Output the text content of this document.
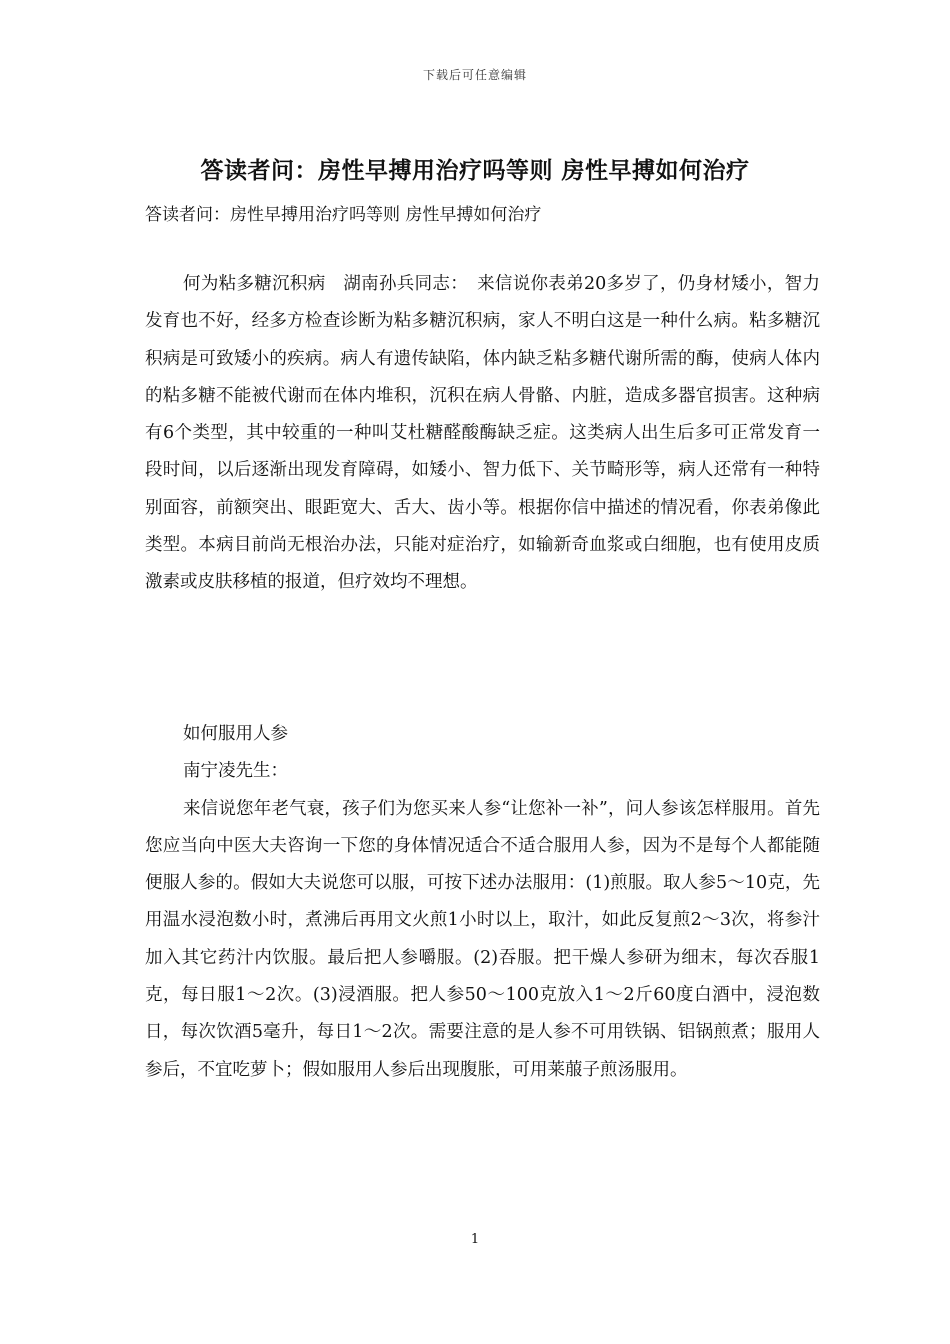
下载后可任意编辑
答读者问：房性早搏用治疗吗等则 房性早搏如何治疗
答读者问：房性早搏用治疗吗等则 房性早搏如何治疗

何为粘多糖沉积病　湖南孙兵同志：　来信说你表弟20多岁了，仍身材矮小，智力发育也不好，经多方检查诊断为粘多糖沉积病，家人不明白这是一种什么病。粘多糖沉积病是可致矮小的疾病。病人有遗传缺陷，体内缺乏粘多糖代谢所需的酶，使病人体内的粘多糖不能被代谢而在体内堆积，沉积在病人骨骼、内脏，造成多器官损害。这种病有6个类型，其中较重的一种叫艾杜糖醛酸酶缺乏症。这类病人出生后多可正常发育一段时间，以后逐渐出现发育障碍，如矮小、智力低下、关节畸形等，病人还常有一种特别面容，前额突出、眼距宽大、舌大、齿小等。根据你信中描述的情况看，你表弟像此类型。本病目前尚无根治办法，只能对症治疗，如输新奇血浆或白细胞，也有使用皮质激素或皮肤移植的报道，但疗效均不理想。

如何服用人参

南宁凌先生：

来信说您年老气衰，孩子们为您买来人参“让您补一补”，问人参该怎样服用。首先您应当向中医大夫咨询一下您的身体情况适合不适合服用人参，因为不是每个人都能随便服人参的。假如大夫说您可以服，可按下述办法服用：(1)煎服。取人参5～10克，先用温水浸泡数小时，煮沸后再用文火煎1小时以上，取汁，如此反复煎2～3次，将参汁加入其它药汁内饮服。最后把人参嚼服。(2)吞服。把干燥人参研为细末，每次吞服1克，每日服1～2次。(3)浸酒服。把人参50～100克放入1～2斤60度白酒中，浸泡数日，每次饮酒5毫升，每日1～2次。需要注意的是人参不可用铁锅、铝锅煎煮；服用人参后，不宜吃萝卜；假如服用人参后出现腹胀，可用莱菔子煎汤服用。

1
